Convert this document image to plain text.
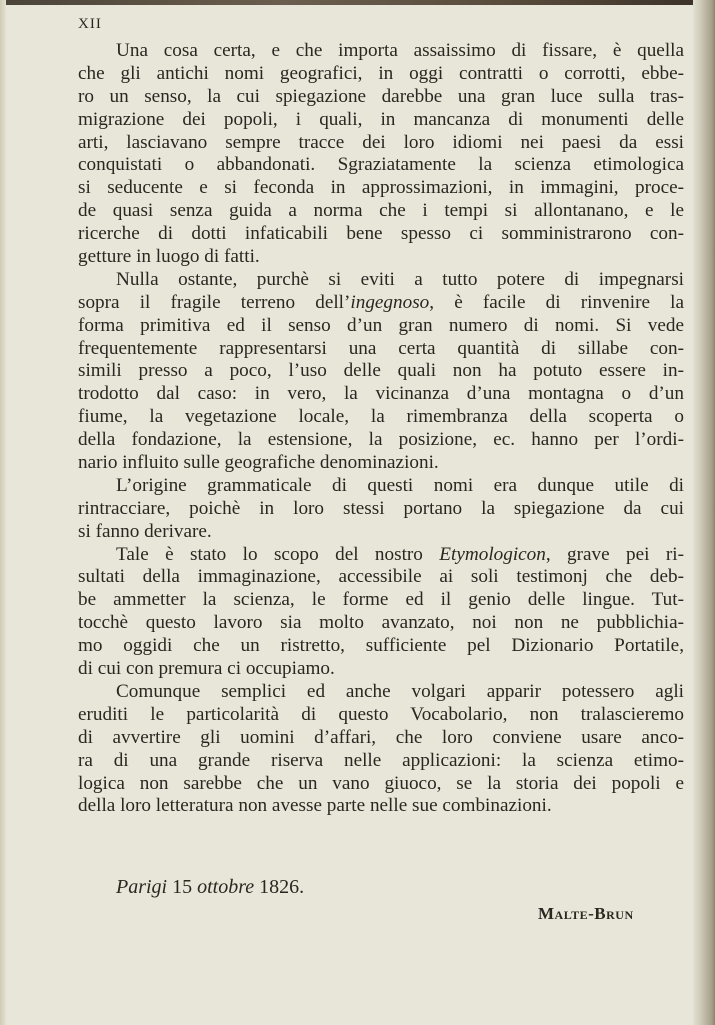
XII
Una cosa certa, e che importa assaissimo di fissare, è quella
che gli antichi nomi geografici, in oggi contratti o corrotti, ebbe-
ro un senso, la cui spiegazione darebbe una gran luce sulla tras-
migrazione dei popoli, i quali, in mancanza di monumenti delle
arti, lasciavano sempre tracce dei loro idiomi nei paesi da essi
conquistati o abbandonati. Sgraziatamente la scienza etimologica
si seducente e si feconda in approssimazioni, in immagini, proce-
de quasi senza guida a norma che i tempi si allontanano, e le
ricerche di dotti infaticabili bene spesso ci somministrarono con-
getture in luogo di fatti.
Nulla ostante, purchè si eviti a tutto potere di impegnarsi
sopra il fragile terreno dell’ingegnoso, è facile di rinvenire la
forma primitiva ed il senso d’un gran numero di nomi. Si vede
frequentemente rappresentarsi una certa quantità di sillabe con-
simili presso a poco, l’uso delle quali non ha potuto essere in-
trodotto dal caso: in vero, la vicinanza d’una montagna o d’un
fiume, la vegetazione locale, la rimembranza della scoperta o
della fondazione, la estensione, la posizione, ec. hanno per l’ordi-
nario influito sulle geografiche denominazioni.
L’origine grammaticale di questi nomi era dunque utile di
rintracciare, poichè in loro stessi portano la spiegazione da cui
si fanno derivare.
Tale è stato lo scopo del nostro Etymologicon, grave pei ri-
sultati della immaginazione, accessibile ai soli testimonj che deb-
be ammetter la scienza, le forme ed il genio delle lingue. Tut-
tocchè questo lavoro sia molto avanzato, noi non ne pubblichia-
mo oggidi che un ristretto, sufficiente pel Dizionario Portatile,
di cui con premura ci occupiamo.
Comunque semplici ed anche volgari apparir potessero agli
eruditi le particolarità di questo Vocabolario, non tralascieremo
di avvertire gli uomini d’affari, che loro conviene usare anco-
ra di una grande riserva nelle applicazioni: la scienza etimo-
logica non sarebbe che un vano giuoco, se la storia dei popoli e
della loro letteratura non avesse parte nelle sue combinazioni.
Parigi 15 ottobre 1826.
Malte-Brun
